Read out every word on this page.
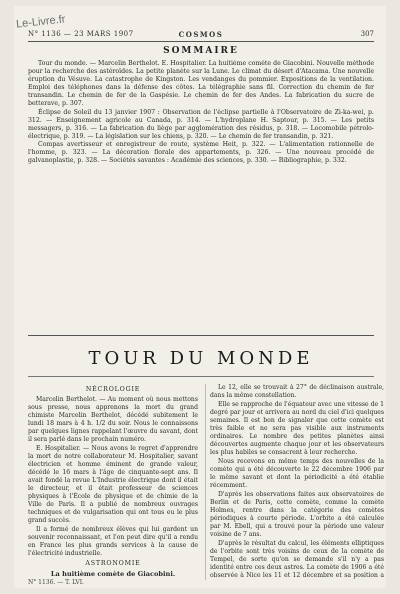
Le-Livre.fr
N° 1136 — 23 MARS 1907	COSMOS	307
SOMMAIRE

Tour du monde. — Marcelin Berthelot. E. Hospitalier. La huitième comète de Giacobini. Nouvelle méthode pour la recherche des astéroïdes. La petite planète sur la Lune. Le climat du désert d'Atacama. Une nouvelle éruption du Vésuve. La catastrophe de Kingston. Les vendanges du pommier. Expositions de la ventilation. Emploi des téléphones dans la défense des côtes. La télégraphie sans fil. Correction du chemin de fer transandin. Le chemin de fer de la Gaspésie. Le chemin de fer des Andes. La fabrication du sucre de betterave, p. 307.

Éclipse de Soleil du 13 janvier 1907 : Observation de l'éclipse partielle à l'Observatoire de Zi-ka-wei, p. 312. — Enseignement agricole au Canada, p. 314. — L'hydroplane H. Saptour, p. 315. — Les petits messagers, p. 316. — La fabrication du liège par agglomération des résidus, p. 318. — Locomobile pétrolo-électrique, p. 319. — La législation sur les chiens, p. 320. — Le chemin de fer transandin, p. 321.

Compas avertisseur et enregistreur de route, système Heit, p. 322. — L'alimentation rationnelle de l'homme, p. 323. — La décoration florale des appartements, p. 326. — Une nouveau procédé de galvanoplastie, p. 328. — Sociétés savantes : Académie des sciences, p. 330. — Bibliographie, p. 332.

TOUR DU MONDE
NÉCROLOGIE

Marcelin Berthelot. — Au moment où nous mettons sous presse, nous apprenons la mort du grand chimiste Marcelin Berthelot, décédé subitement le lundi 18 mars à 4 h. 1/2 du soir. Nous le connaissons par quelques lignes rappelant l'œuvre du savant, dont il sera parlé dans le prochain numéro.

E. Hospitalier. — Nous avons le regret d'apprendre la mort de notre collaborateur M. Hospitalier, savant électricien et homme éminent de grande valeur, décédé le 16 mars à l'âge de cinquante-sept ans. Il avait fondé la revue L'Industrie électrique dont il était le directeur, et il était professeur de sciences physiques à l'École de physique et de chimie de la Ville de Paris. Il a publié de nombreux ouvrages techniques et de vulgarisation qui ont tous eu le plus grand succès.

Il a formé de nombreux élèves qui lui gardent un souvenir reconnaissant, et l'on peut dire qu'il a rendu en France les plus grands services à la cause de l'électricité industrielle.

ASTRONOMIE
La huitième comète de Giacobini.

Le 12, elle se trouvait à 27° de déclinaison australe, dans la même constellation.

Elle se rapproche de l'équateur avec une vitesse de 1 degré par jour et arrivera au nord du ciel d'ici quelques semaines. Il est bon de signaler que cette comète est très faible et ne sera pas visible aux instruments ordinaires. Le nombre des petites planètes ainsi découvertes augmente chaque jour et les observateurs les plus habiles se consacrent à leur recherche.

Nous recevons en même temps des nouvelles de la comète qui a été découverte le 22 décembre 1906 par le même savant et dont la périodicité a été établie récemment.

D'après les observations faites aux observatoires de Berlin et de Paris, cette comète, comme la comète Holmes, rentre dans la catégorie des comètes périodiques à courte période. L'orbite a été calculée par M. Ebell, qui a trouvé pour la période une valeur voisine de 7 ans.

D'après le résultat du calcul, les éléments elliptiques de l'orbite sont très voisins de ceux de la comète de Tempel, de sorte qu'on se demande s'il n'y a pas identité entre ces deux astres. La comète de 1906 a été observée à Nice les 11 et 12 décembre et sa position a

N° 1136. — T. LVI.
